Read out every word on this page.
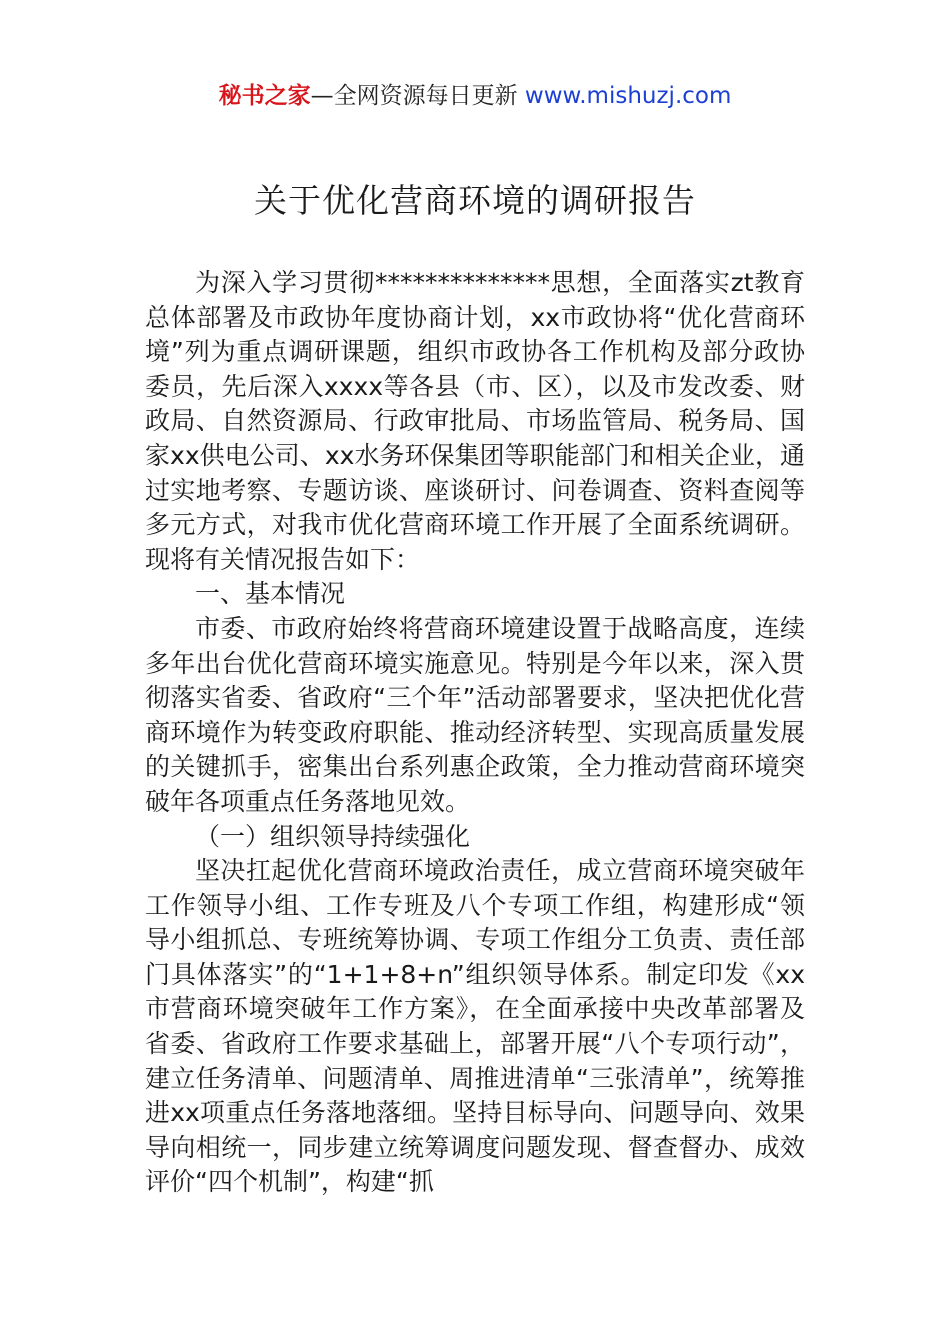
秘书之家—全网资源每日更新 www.mishuzj.com
关于优化营商环境的调研报告

为深入学习贯彻**************思想，全面落实zt教育总体部署及市政协年度协商计划，xx市政协将“优化营商环境”列为重点调研课题，组织市政协各工作机构及部分政协委员，先后深入xxxx等各县（市、区），以及市发改委、财政局、自然资源局、行政审批局、市场监管局、税务局、国家xx供电公司、xx水务环保集团等职能部门和相关企业，通过实地考察、专题访谈、座谈研讨、问卷调查、资料查阅等多元方式，对我市优化营商环境工作开展了全面系统调研。现将有关情况报告如下：

一、基本情况

市委、市政府始终将营商环境建设置于战略高度，连续多年出台优化营商环境实施意见。特别是今年以来，深入贯彻落实省委、省政府“三个年”活动部署要求，坚决把优化营商环境作为转变政府职能、推动经济转型、实现高质量发展的关键抓手，密集出台系列惠企政策，全力推动营商环境突破年各项重点任务落地见效。

（一）组织领导持续强化

坚决扛起优化营商环境政治责任，成立营商环境突破年工作领导小组、工作专班及八个专项工作组，构建形成“领导小组抓总、专班统筹协调、专项工作组分工负责、责任部门具体落实”的“1+1+8+n”组织领导体系。制定印发《xx市营商环境突破年工作方案》，在全面承接中央改革部署及省委、省政府工作要求基础上，部署开展“八个专项行动”，建立任务清单、问题清单、周推进清单“三张清单”，统筹推进xx项重点任务落地落细。坚持目标导向、问题导向、效果导向相统一，同步建立统筹调度问题发现、督查督办、成效评价“四个机制”，构建“抓
